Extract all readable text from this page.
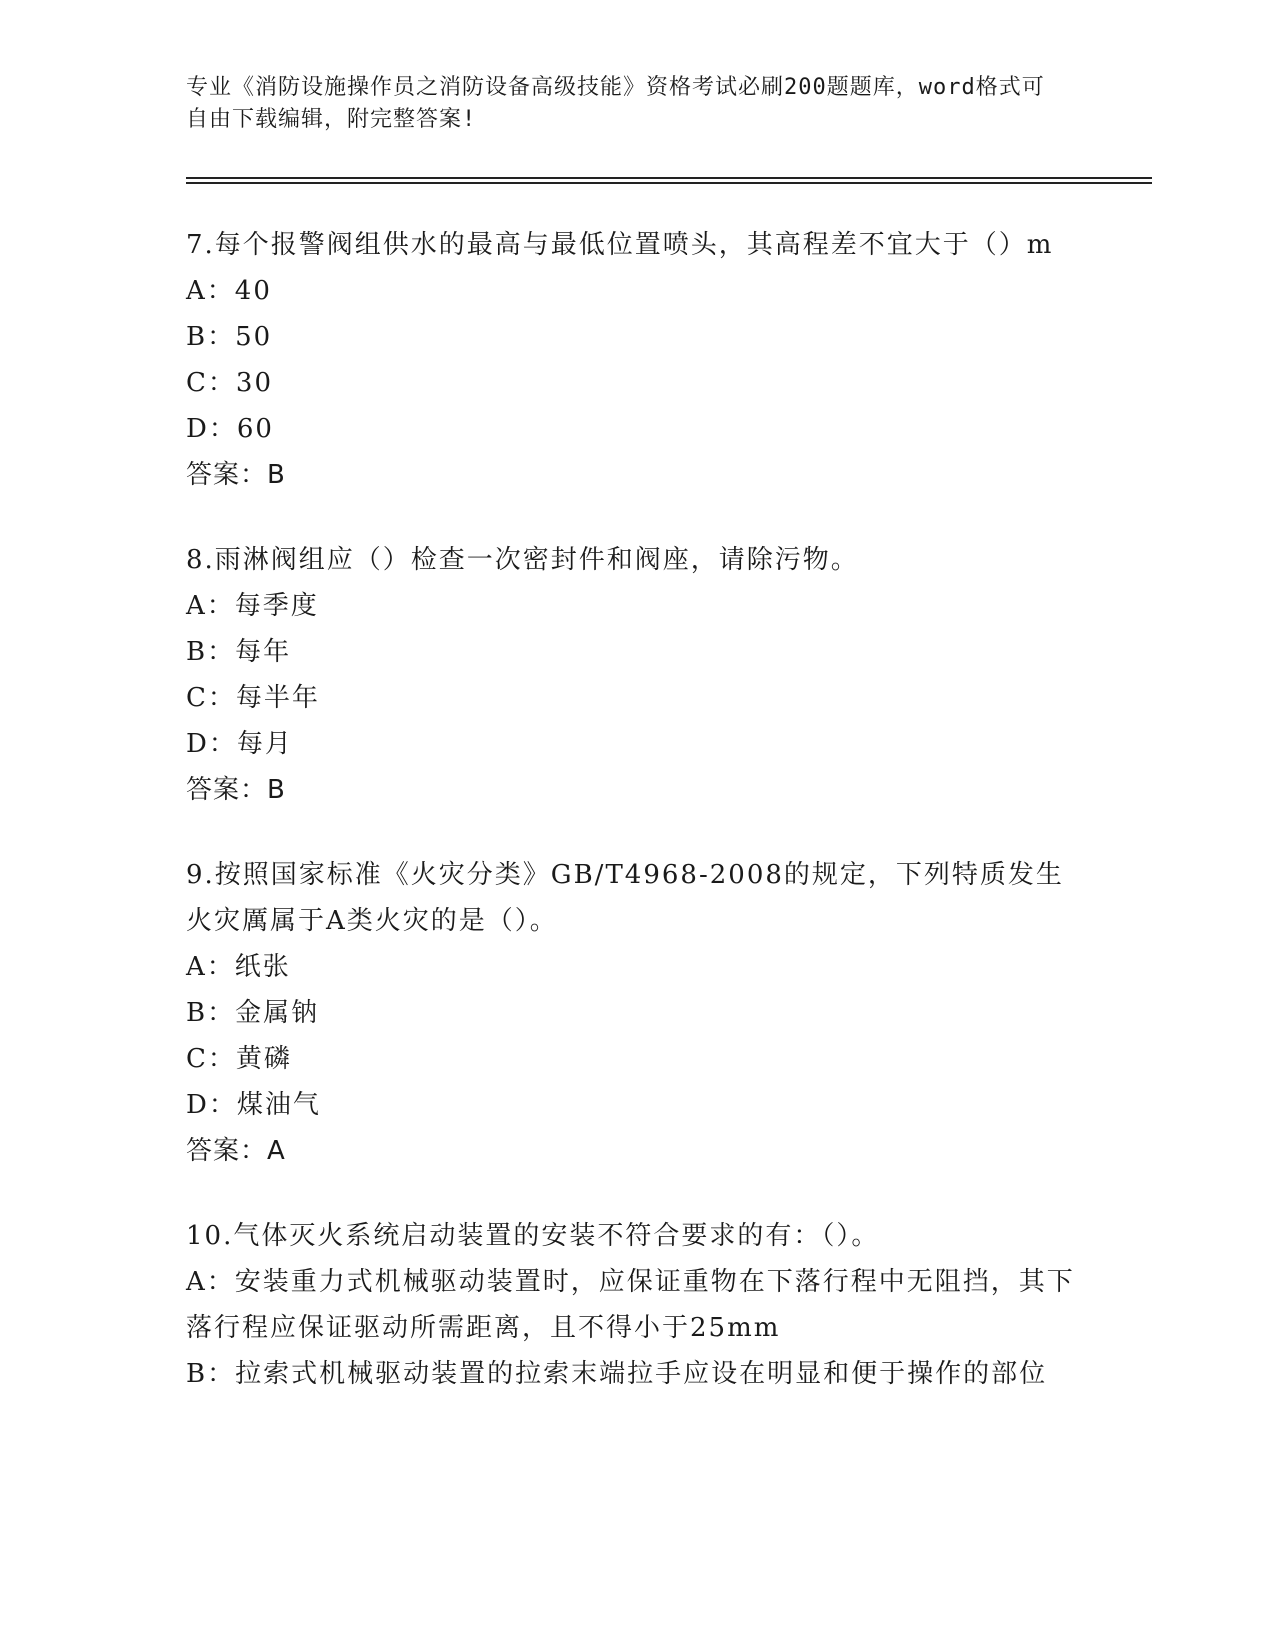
专业《消防设施操作员之消防设备高级技能》资格考试必刷200题题库，word格式可自由下载编辑，附完整答案!

7.每个报警阀组供水的最高与最低位置喷头，其高程差不宜大于（）m

A：40

B：50

C：30

D：60

答案：B

8.雨淋阀组应（）检查一次密封件和阀座，请除污物。

A：每季度

B：每年

C：每半年

D：每月

答案：B

9.按照国家标准《火灾分类》GB/T4968-2008的规定，下列特质发生火灾厲属于A类火灾的是（）。

A：纸张

B：金属钠

C：黄磷

D：煤油气

答案：A

10.气体灭火系统启动装置的安装不符合要求的有：（）。

A：安装重力式机械驱动装置时，应保证重物在下落行程中无阻挡，其下落行程应保证驱动所需距离，且不得小于25mm

B：拉索式机械驱动装置的拉索末端拉手应设在明显和便于操作的部位
